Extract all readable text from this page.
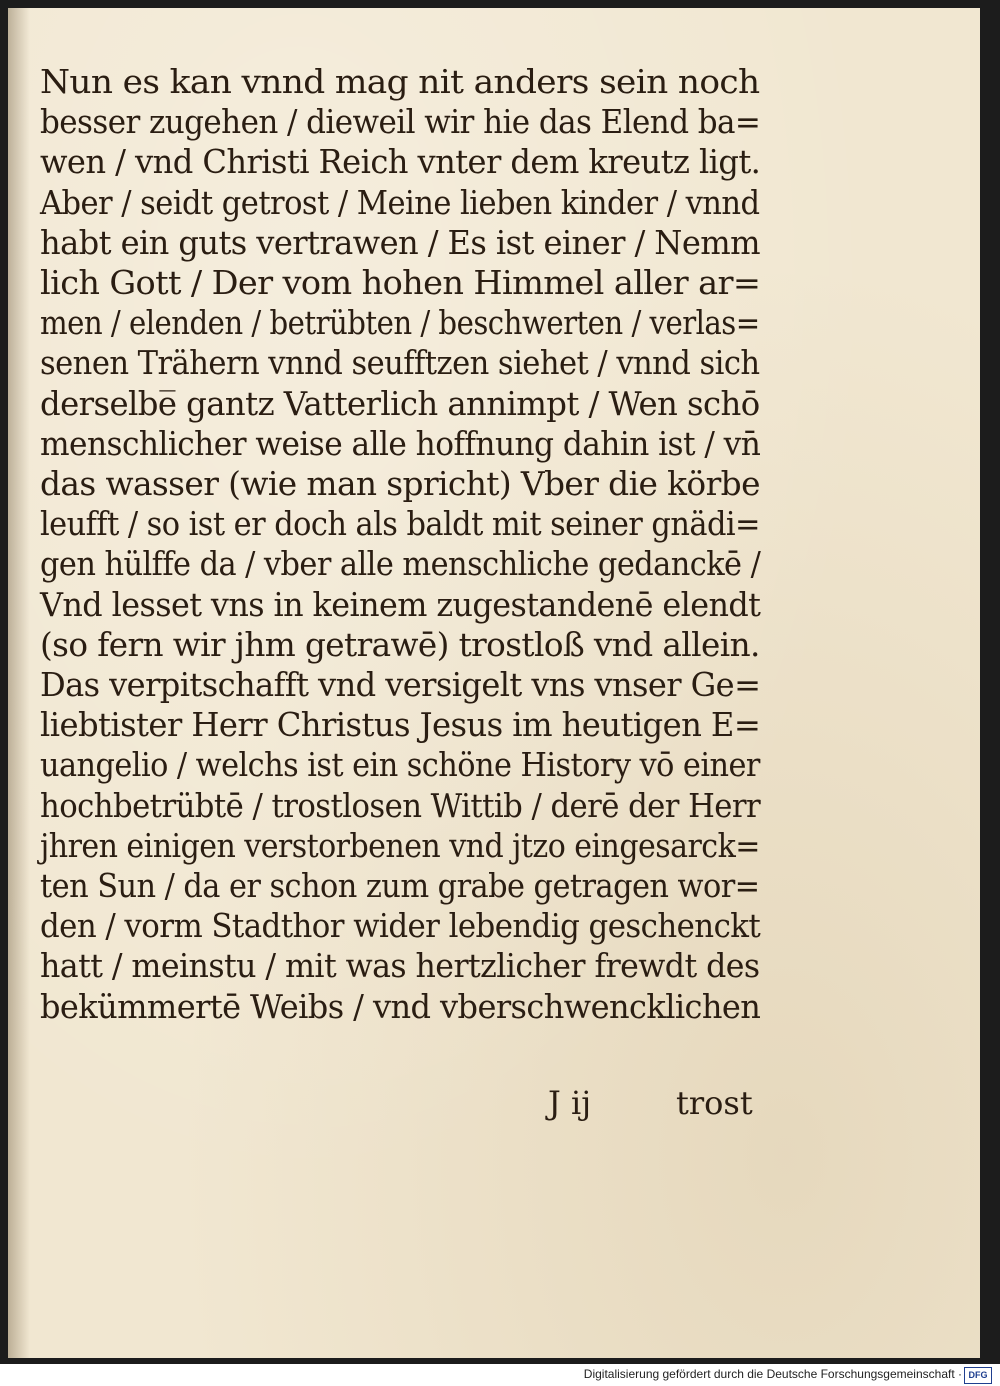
Nun es kan vnnd mag nit anders sein noch
besser zugehen / dieweil wir hie das Elend ba=
wen / vnd Christi Reich vnter dem kreutz ligt.
Aber / seidt getrost / Meine lieben kinder / vnnd
habt ein guts vertrawen / Es ist einer / Nemm
lich Gott / Der vom hohen Himmel aller ar=
men / elenden / betrübten / beschwerten / verlas=
senen Trähern vnnd seufftzen siehet / vnnd sich
derselbe̅ gantz Vatterlich annimpt / Wen schō
menschlicher weise alle hoffnung dahin ist / vn̄
das wasser (wie man spricht) Vber die körbe
leufft / so ist er doch als baldt mit seiner gnädi=
gen hülffe da / vber alle menschliche gedanckē /
Vnd lesset vns in keinem zugestandenē elendt
(so fern wir jhm getrawē) trostloß vnd allein.
Das verpitschafft vnd versigelt vns vnser Ge=
liebtister Herr Christus Jesus im heutigen E=
uangelio / welchs ist ein schöne History vō einer
hochbetrübtē / trostlosen Wittib / derē der Herr
jhren einigen verstorbenen vnd jtzo eingesarck=
ten Sun / da er schon zum grabe getragen wor=
den / vorm Stadthor wider lebendig geschenckt
hatt / meinstu / mit was hertzlicher frewdt des
bekümmertē Weibs / vnd vberschwencklichen
J ij	trost
Digitalisierung gefördert durch die Deutsche Forschungsgemeinschaft · DFG
